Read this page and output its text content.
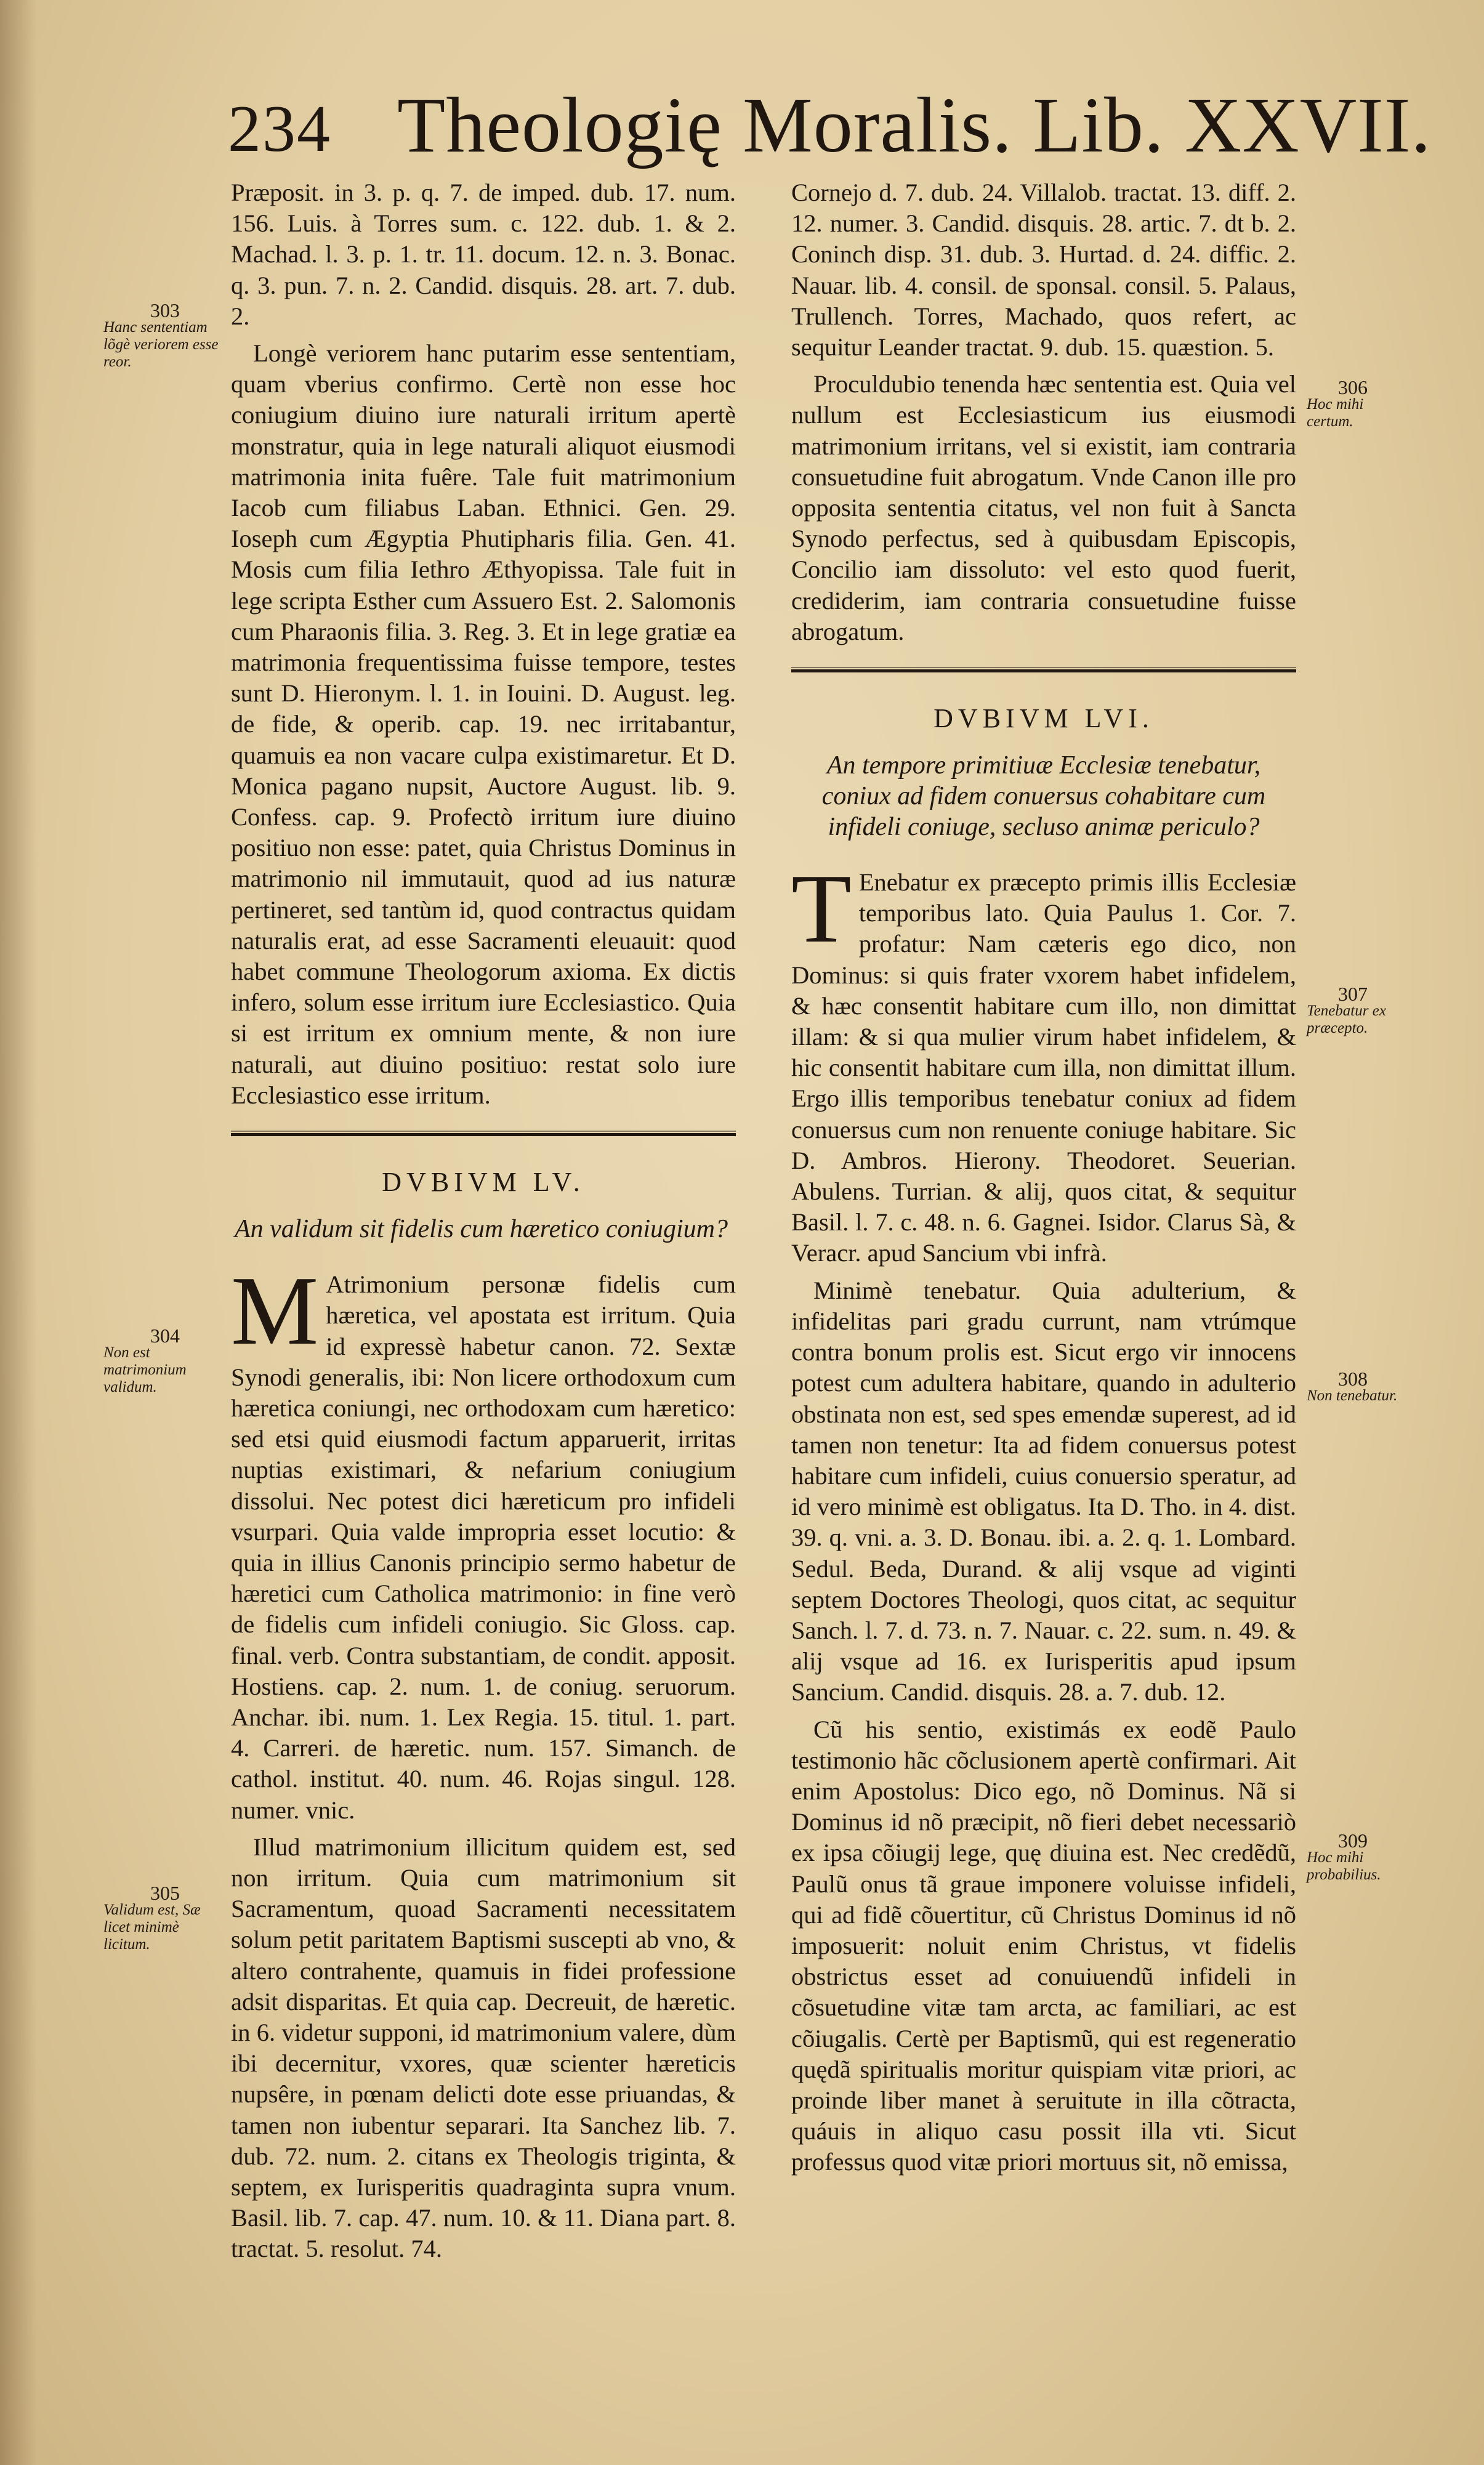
234 Theologię Moralis. Lib. XXVII.

Præposit. in 3. p. q. 7. de imped. dub. 17. num. 156. Luis. à Torres sum. c. 122. dub. 1. & 2. Machad. l. 3. p. 1. tr. 11. docum. 12. n. 3. Bonac. q. 3. pun. 7. n. 2. Candid. disquis. 28. art. 7. dub. 2.

Longè veriorem hanc putarim esse sententiam, quam vberius confirmo. Certè non esse hoc coniugium diuino iure naturali irritum apertè monstratur, quia in lege naturali aliquot eiusmodi matrimonia inita fuêre. Tale fuit matrimonium Iacob cum filiabus Laban. Ethnici. Gen. 29. Ioseph cum Ægyptia Phutipharis filia. Gen. 41. Mosis cum filia Iethro Æthyopissa. Tale fuit in lege scripta Esther cum Assuero Est. 2. Salomonis cum Pharaonis filia. 3. Reg. 3. Et in lege gratiæ ea matrimonia frequentissima fuisse tempore, testes sunt D. Hieronym. l. 1. in Iouini. D. August. leg. de fide, & operib. cap. 19. nec irritabantur, quamuis ea non vacare culpa existimaretur. Et D. Monica pagano nupsit, Auctore August. lib. 9. Confess. cap. 9. Profectò irritum iure diuino positiuo non esse: patet, quia Christus Dominus in matrimonio nil immutauit, quod ad ius naturæ pertineret, sed tantùm id, quod contractus quidam naturalis erat, ad esse Sacramenti eleuauit: quod habet commune Theologorum axioma. Ex dictis infero, solum esse irritum iure Ecclesiastico. Quia si est irritum ex omnium mente, & non iure naturali, aut diuino positiuo: restat solo iure Ecclesiastico esse irritum.

DVBIVM LV.
An validum sit fidelis cum hæretico coniugium?

M Atrimonium personæ fidelis cum hæretica, vel apostata est irritum. Quia id expressè habetur canon. 72. Sextæ Synodi generalis, ibi: Non licere orthodoxum cum hæretica coniungi, nec orthodoxam cum hæretico: sed etsi quid eiusmodi factum apparuerit, irritas nuptias existimari, & nefarium coniugium dissolui. Nec potest dici hæreticum pro infideli vsurpari. Quia valde impropria esset locutio: & quia in illius Canonis principio sermo habetur de hæretici cum Catholica matrimonio: in fine verò de fidelis cum infideli coniugio. Sic Gloss. cap. final. verb. Contra substantiam, de condit. apposit. Hostiens. cap. 2. num. 1. de coniug. seruorum. Anchar. ibi. num. 1. Lex Regia. 15. titul. 1. part. 4. Carreri. de hæretic. num. 157. Simanch. de cathol. institut. 40. num. 46. Rojas singul. 128. numer. vnic.

Illud matrimonium illicitum quidem est, sed non irritum. Quia cum matrimonium sit Sacramentum, quoad Sacramenti necessitatem solum petit paritatem Baptismi suscepti ab vno, & altero contrahente, quamuis in fidei professione adsit disparitas. Et quia cap. Decreuit, de hæretic. in 6. videtur supponi, id matrimonium valere, dùm ibi decernitur, vxores, quæ scienter hæreticis nupsêre, in pœnam delicti dote esse priuandas, & tamen non iubentur separari. Ita Sanchez lib. 7. dub. 72. num. 2. citans ex Theologis triginta, & septem, ex Iurisperitis quadraginta supra vnum. Basil. lib. 7. cap. 47. num. 10. & 11. Diana part. 8. tractat. 5. resolut. 74.

Cornejo d. 7. dub. 24. Villalob. tractat. 13. diff. 2. 12. numer. 3. Candid. disquis. 28. artic. 7. dt b. 2. Coninch disp. 31. dub. 3. Hurtad. d. 24. diffic. 2. Nauar. lib. 4. consil. de sponsal. consil. 5. Palaus, Trullench. Torres, Machado, quos refert, ac sequitur Leander tractat. 9. dub. 15. quæstion. 5.

Proculdubio tenenda hæc sententia est. Quia vel nullum est Ecclesiasticum ius eiusmodi matrimonium irritans, vel si existit, iam contraria consuetudine fuit abrogatum. Vnde Canon ille pro opposita sententia citatus, vel non fuit à Sancta Synodo perfectus, sed à quibusdam Episcopis, Concilio iam dissoluto: vel esto quod fuerit, crediderim, iam contraria consuetudine fuisse abrogatum.

DVBIVM LVI.
An tempore primitiuæ Ecclesiæ tenebatur, coniux ad fidem conuersus cohabitare cum infideli coniuge, secluso animæ periculo?

T Enebatur ex præcepto primis illis Ecclesiæ temporibus lato. Quia Paulus 1. Cor. 7. profatur: Nam cæteris ego dico, non Dominus: si quis frater vxorem habet infidelem, & hæc consentit habitare cum illo, non dimittat illam: & si qua mulier virum habet infidelem, & hic consentit habitare cum illa, non dimittat illum. Ergo illis temporibus tenebatur coniux ad fidem conuersus cum non renuente coniuge habitare. Sic D. Ambros. Hierony. Theodoret. Seuerian. Abulens. Turrian. & alij, quos citat, & sequitur Basil. l. 7. c. 48. n. 6. Gagnei. Isidor. Clarus Sà, & Veracr. apud Sancium vbi infrà.

Minimè tenebatur. Quia adulterium, & infidelitas pari gradu currunt, nam vtrúmque contra bonum prolis est. Sicut ergo vir innocens potest cum adultera habitare, quando in adulterio obstinata non est, sed spes emendæ superest, ad id tamen non tenetur: Ita ad fidem conuersus potest habitare cum infideli, cuius conuersio speratur, ad id vero minimè est obligatus. Ita D. Tho. in 4. dist. 39. q. vni. a. 3. D. Bonau. ibi. a. 2. q. 1. Lombard. Sedul. Beda, Durand. & alij vsque ad viginti septem Doctores Theologi, quos citat, ac sequitur Sanch. l. 7. d. 73. n. 7. Nauar. c. 22. sum. n. 49. & alij vsque ad 16. ex Iurisperitis apud ipsum Sancium. Candid. disquis. 28. a. 7. dub. 12.

Cũ his sentio, existimás ex eodẽ Paulo testimonio hãc cõclusionem apertè confirmari. Ait enim Apostolus: Dico ego, nõ Dominus. Nã si Dominus id nõ præcipit, nõ fieri debet necessariò ex ipsa cõiugij lege, quę diuina est. Nec credẽdũ, Paulũ onus tã graue imponere voluisse infideli, qui ad fidẽ cõuertitur, cũ Christus Dominus id nõ imposuerit: noluit enim Christus, vt fidelis obstrictus esset ad conuiuendũ infideli in cõsuetudine vitæ tam arcta, ac familiari, ac est cõiugalis. Certè per Baptismũ, qui est regeneratio quędã spiritualis moritur quispiam vitæ priori, ac proinde liber manet à seruitute in illa cõtracta, quáuis in aliquo casu possit illa vti. Sicut professus quod vitæ priori mortuus sit, nõ emissa,

303
Hanc sententiam lõgè veriorem esse reor.
304
Non est matrimonium validum.
305
Validum est, Sæ licet minimè licitum.
306
Hoc mihi certum.
307
Tenebatur ex præcepto.
308
Non tenebatur.
309
Hoc mihi probabilius.
